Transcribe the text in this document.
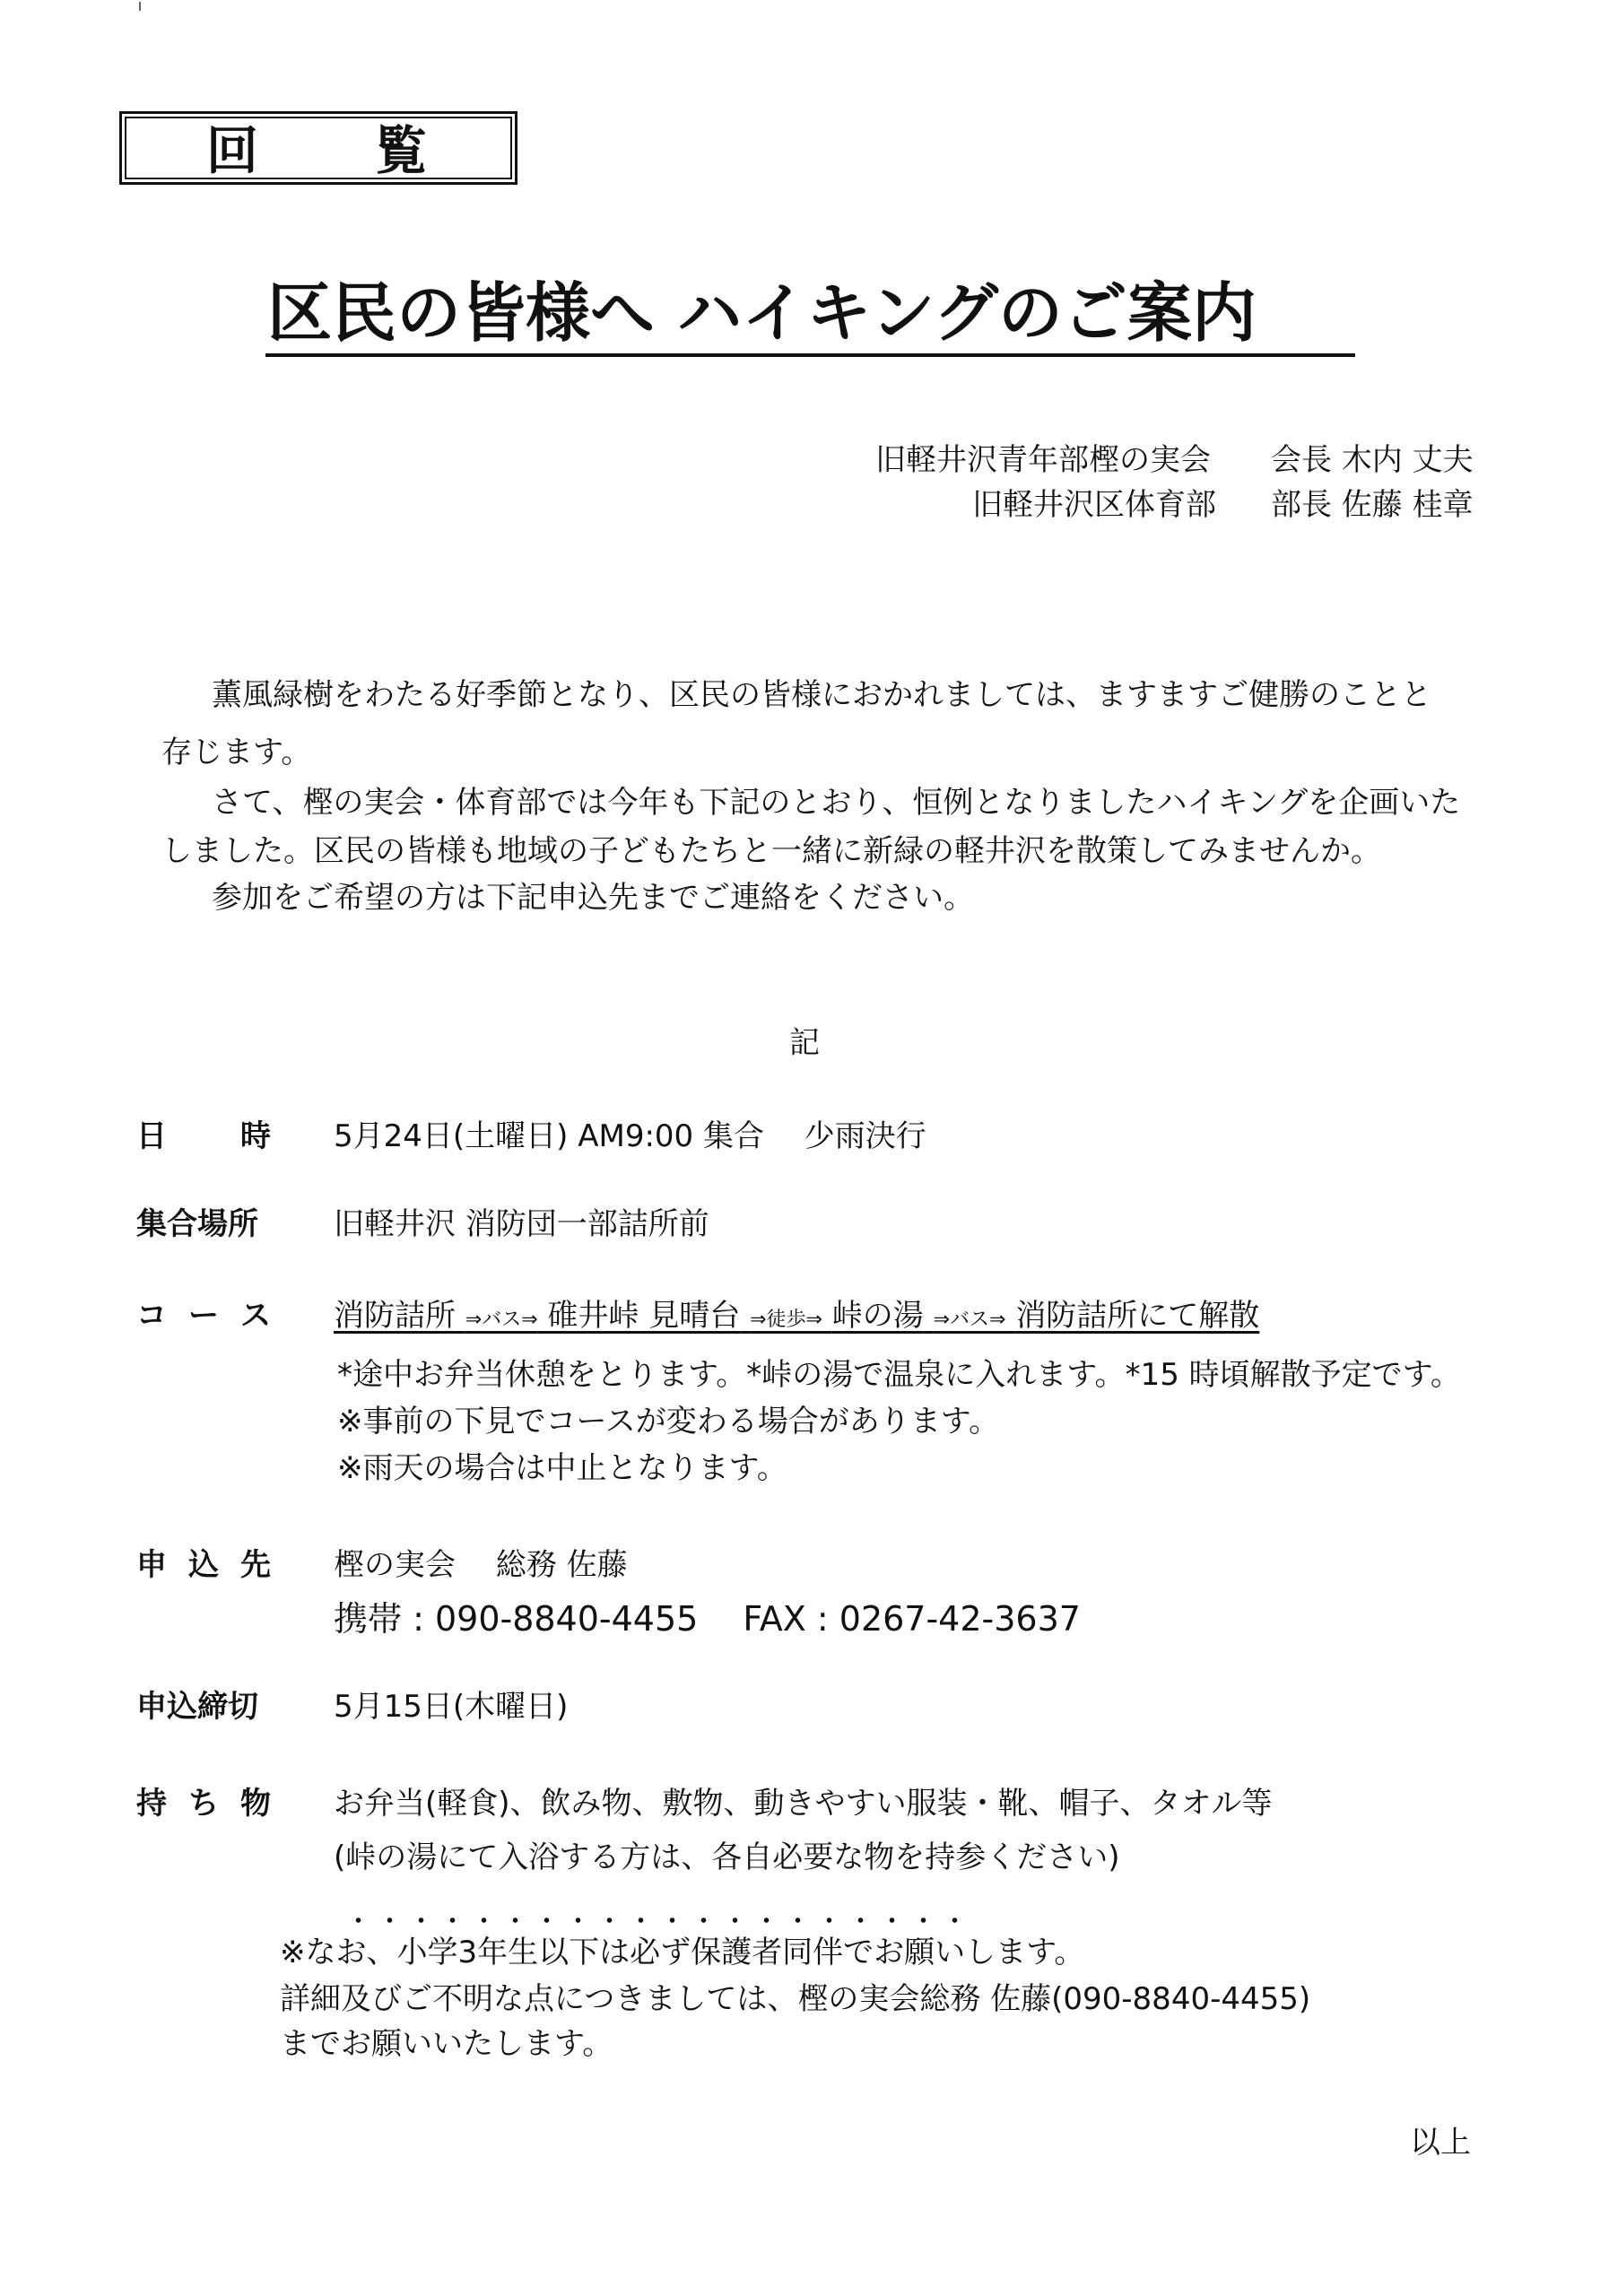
回 覧
区民の皆様へ ハイキングのご案内
旧軽井沢青年部樫の実会 会長 木内 丈夫
旧軽井沢区体育部 部長 佐藤 桂章
薫風緑樹をわたる好季節となり、区民の皆様におかれましては、ますますご健勝のことと
存じます。
さて、樫の実会・体育部では今年も下記のとおり、恒例となりましたハイキングを企画いた
しました。区民の皆様も地域の子どもたちと一緒に新緑の軽井沢を散策してみませんか。
参加をご希望の方は下記申込先までご連絡をください。
記
日 時 5月24日(土曜日) AM9:00 集合　 少雨決行
集合場所	旧軽井沢 消防団一部詰所前
コ ー ス 消防詰所 ⇒バス⇒ 碓井峠 見晴台 ⇒徒歩⇒ 峠の湯 ⇒バス⇒ 消防詰所にて解散
*途中お弁当休憩をとります。*峠の湯で温泉に入れます。*15 時頃解散予定です。
※事前の下見でコースが変わる場合があります。
※雨天の場合は中止となります。
申 込 先 樫の実会　 総務 佐藤
携帯 : 090-8840-4455　 FAX : 0267-42-3637
申込締切	5月15日(木曜日)
持 ち 物 お弁当(軽食)、飲み物、敷物、動きやすい服装・靴、帽子、タオル等
(峠の湯にて入浴する方は、各自必要な物を持参ください)
※なお、小学3年生以下は必ず保護者同伴でお願いします。
詳細及びご不明な点につきましては、樫の実会総務 佐藤(090-8840-4455)
までお願いいたします。
以上
